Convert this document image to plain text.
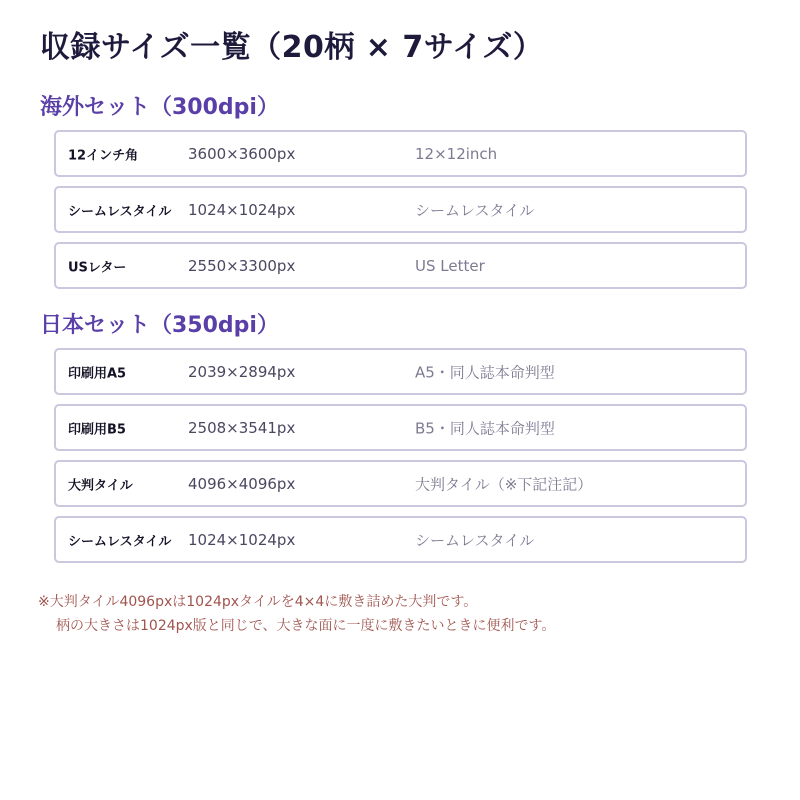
収録サイズ一覧（20柄 × 7サイズ）
海外セット（300dpi）
12インチ角	3600×3600px	12×12inch
シームレスタイル 1024×1024px	シームレスタイル
USレター	2550×3300px	US Letter
日本セット（350dpi）
印刷用A5	2039×2894px	A5・同人誌本命判型
印刷用B5	2508×3541px	B5・同人誌本命判型
大判タイル	4096×4096px	大判タイル（※下記注記）
シームレスタイル 1024×1024px	シームレスタイル
※大判タイル4096pxは1024pxタイルを4×4に敷き詰めた大判です。
柄の大きさは1024px版と同じで、大きな面に一度に敷きたいときに便利です。
